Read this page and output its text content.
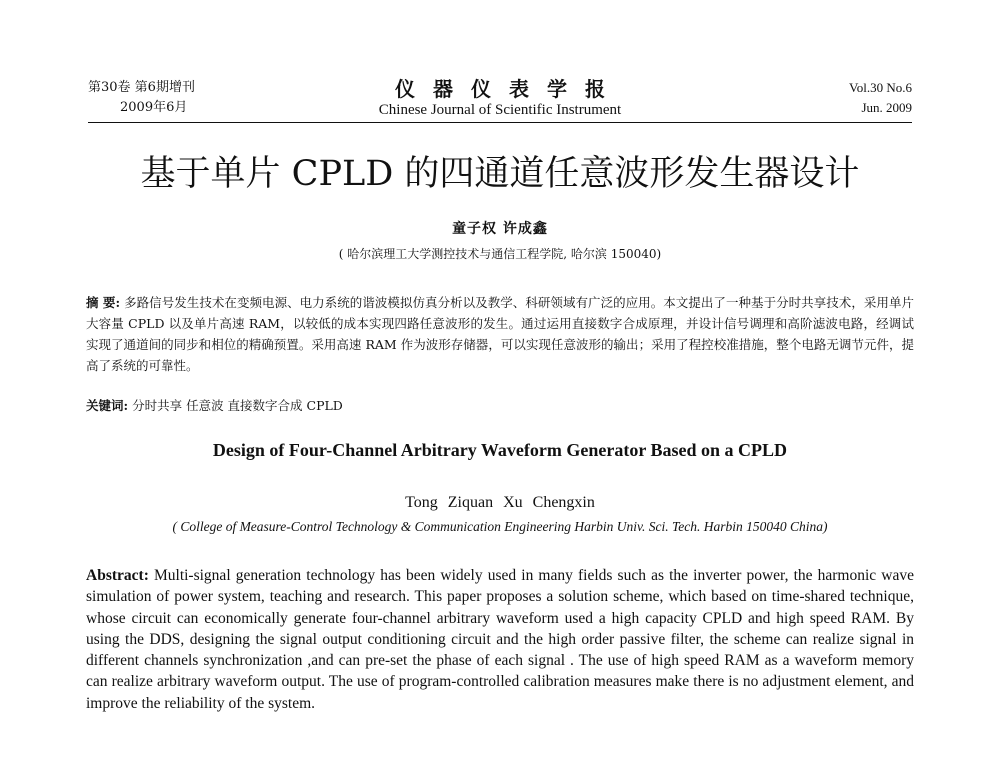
第30卷 第6期增刊
2009年6月
仪器仪表学报
Chinese Journal of Scientific Instrument
Vol.30 No.6
Jun. 2009
基于单片 CPLD 的四通道任意波形发生器设计
童子权 许成鑫
( 哈尔滨理工大学测控技术与通信工程学院, 哈尔滨 150040)
摘 要: 多路信号发生技术在变频电源、电力系统的谐波模拟仿真分析以及教学、科研领域有广泛的应用。本文提出了一种基于分时共享技术，采用单片大容量 CPLD 以及单片高速 RAM，以较低的成本实现四路任意波形的发生。通过运用直接数字合成原理，并设计信号调理和高阶滤波电路，经调试实现了通道间的同步和相位的精确预置。采用高速 RAM 作为波形存储器，可以实现任意波形的输出；采用了程控校准措施，整个电路无调节元件，提高了系统的可靠性。
关键词: 分时共享 任意波 直接数字合成 CPLD
Design of Four-Channel Arbitrary Waveform Generator Based on a CPLD
Tong Ziquan Xu Chengxin
( College of Measure-Control Technology & Communication Engineering Harbin Univ. Sci. Tech. Harbin 150040 China)
Abstract: Multi-signal generation technology has been widely used in many fields such as the inverter power, the harmonic wave simulation of power system, teaching and research. This paper proposes a solution scheme, which based on time-shared technique, whose circuit can economically generate four-channel arbitrary waveform used a high capacity CPLD and high speed RAM. By using the DDS, designing the signal output conditioning circuit and the high order passive filter, the scheme can realize signal in different channels synchronization ,and can pre-set the phase of each signal . The use of high speed RAM as a waveform memory can realize arbitrary waveform output. The use of program-controlled calibration measures make there is no adjustment element, and improve the reliability of the system.
